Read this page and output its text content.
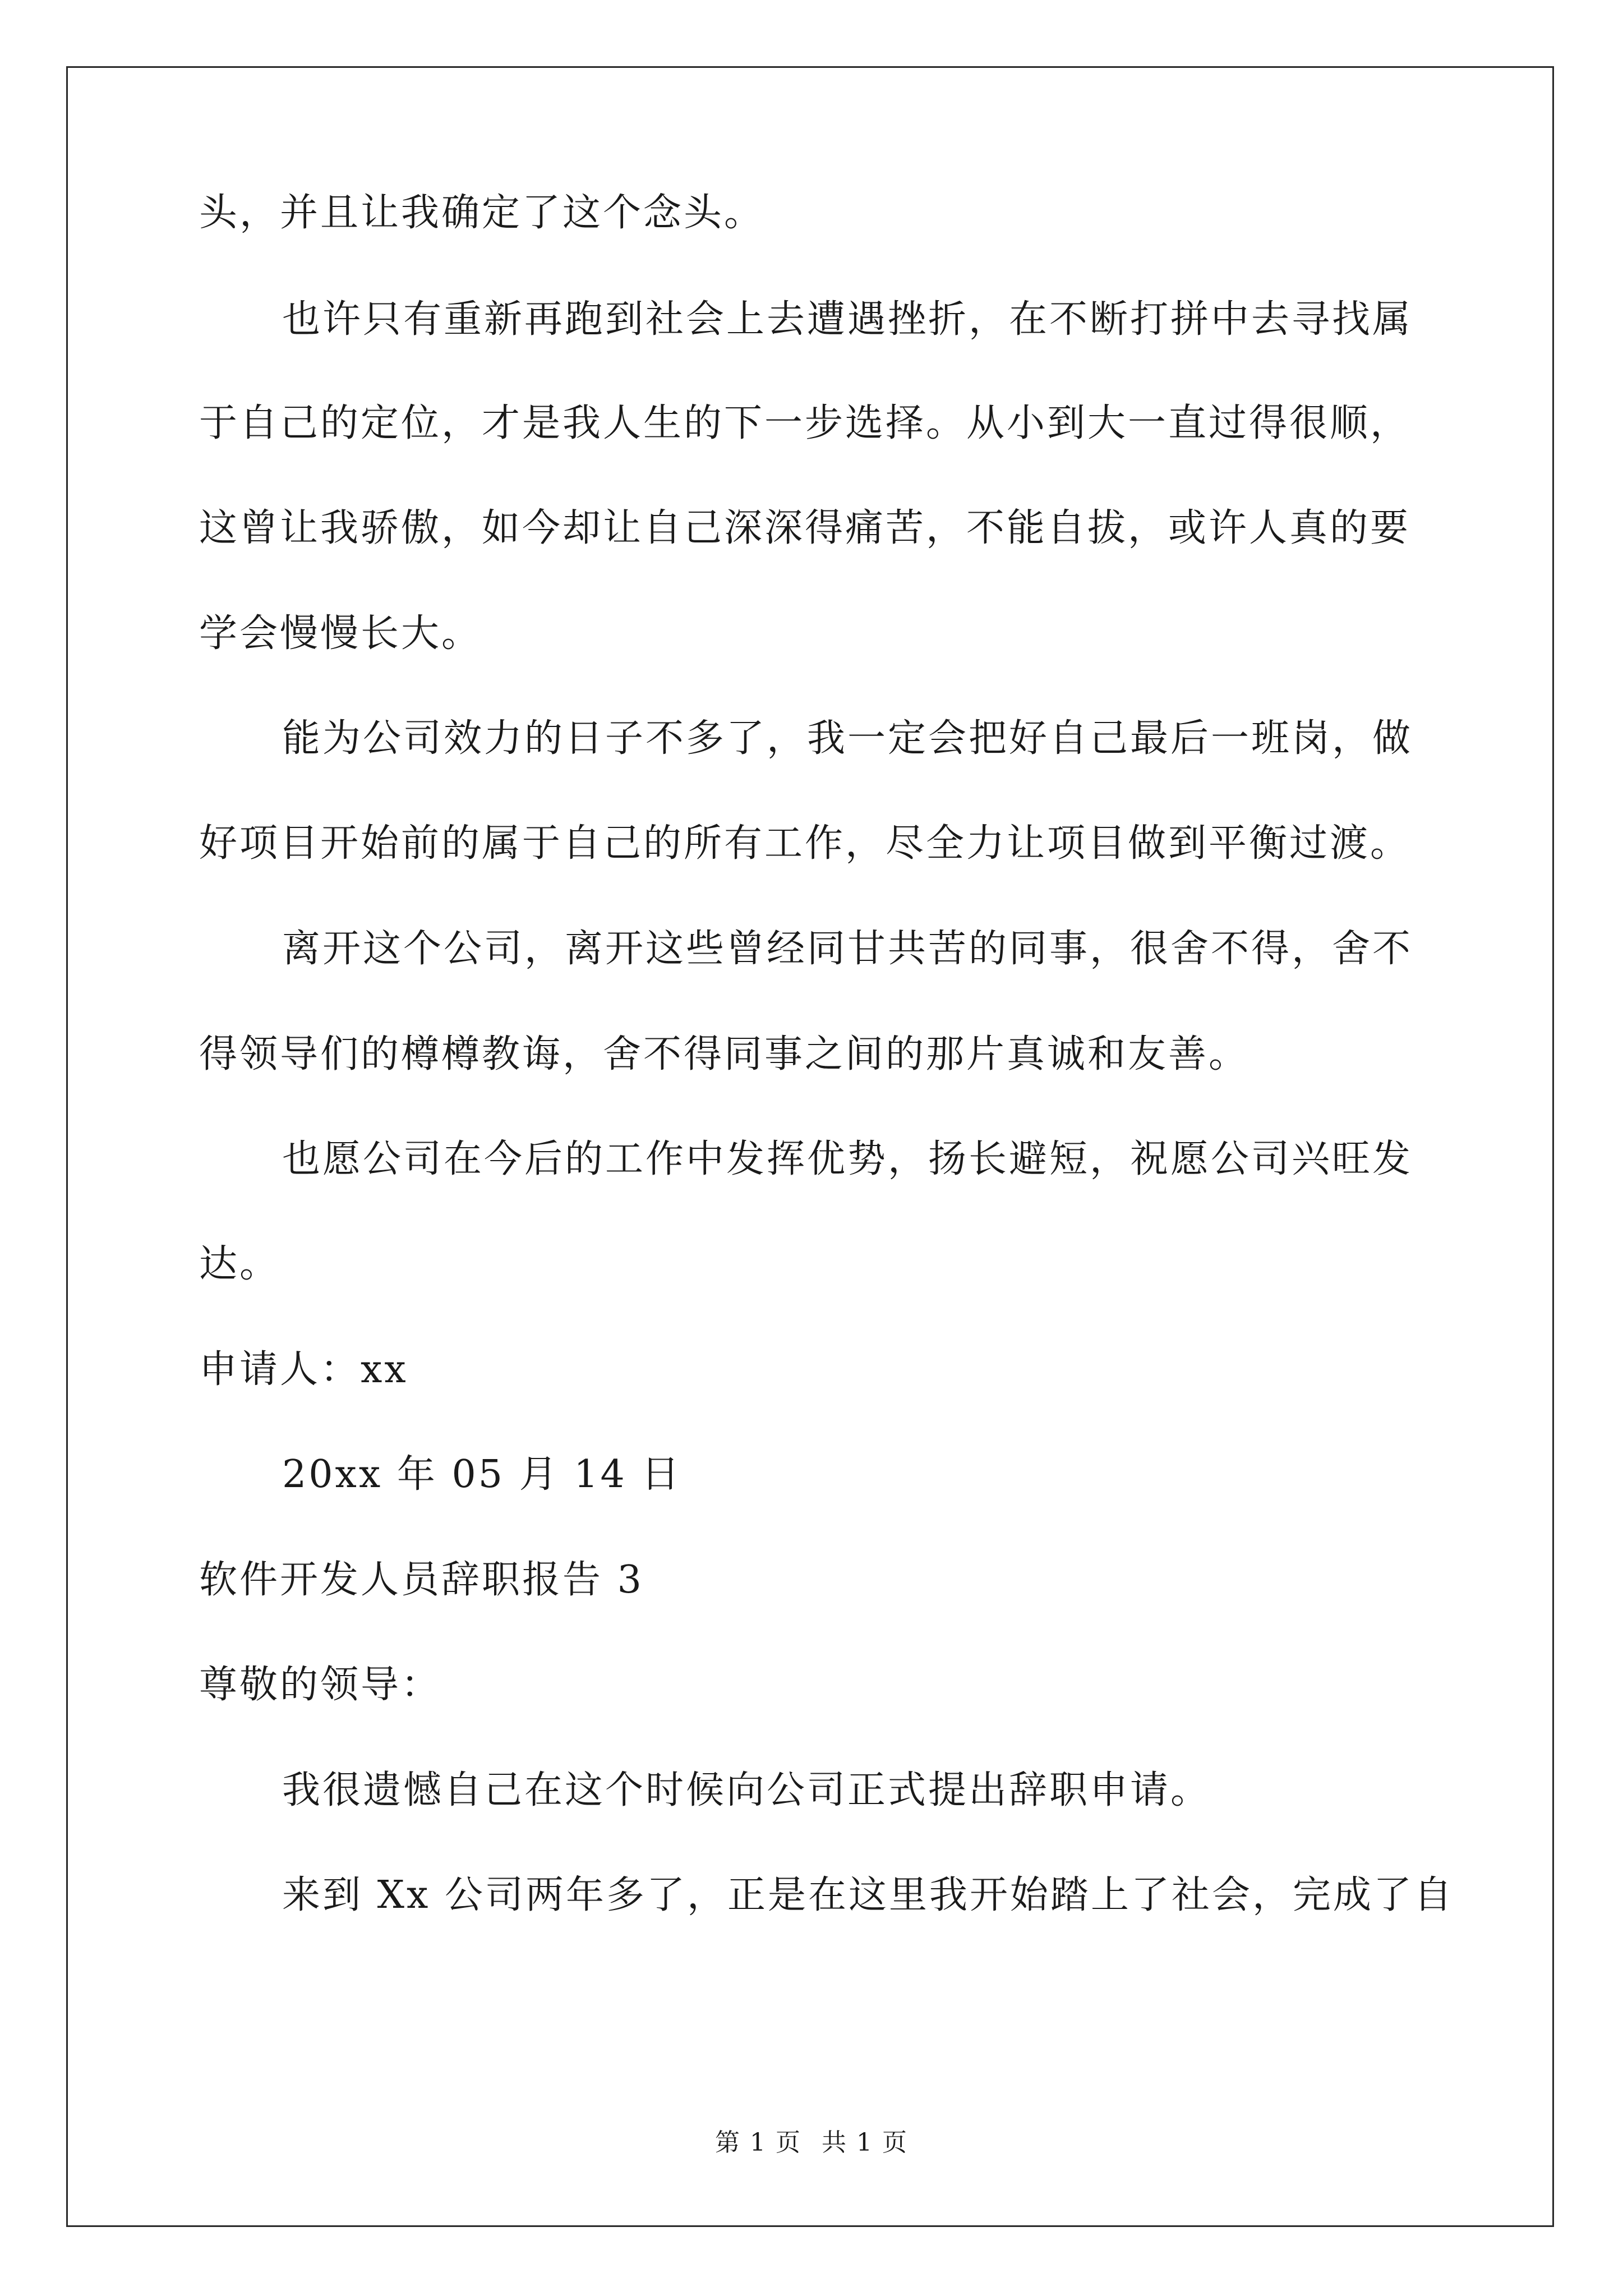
头，并且让我确定了这个念头。
也许只有重新再跑到社会上去遭遇挫折，在不断打拼中去寻找属
于自己的定位，才是我人生的下一步选择。从小到大一直过得很顺，
这曾让我骄傲，如今却让自己深深得痛苦，不能自拔，或许人真的要
学会慢慢长大。
能为公司效力的日子不多了，我一定会把好自己最后一班岗，做
好项目开始前的属于自己的所有工作，尽全力让项目做到平衡过渡。
离开这个公司，离开这些曾经同甘共苦的同事，很舍不得，舍不
得领导们的樽樽教诲，舍不得同事之间的那片真诚和友善。
也愿公司在今后的工作中发挥优势，扬长避短，祝愿公司兴旺发
达。
申请人：xx
20xx 年 05 月 14 日
软件开发人员辞职报告 3
尊敬的领导：
我很遗憾自己在这个时候向公司正式提出辞职申请。
来到 Xx 公司两年多了，正是在这里我开始踏上了社会，完成了自
第 1 页 共 1 页
